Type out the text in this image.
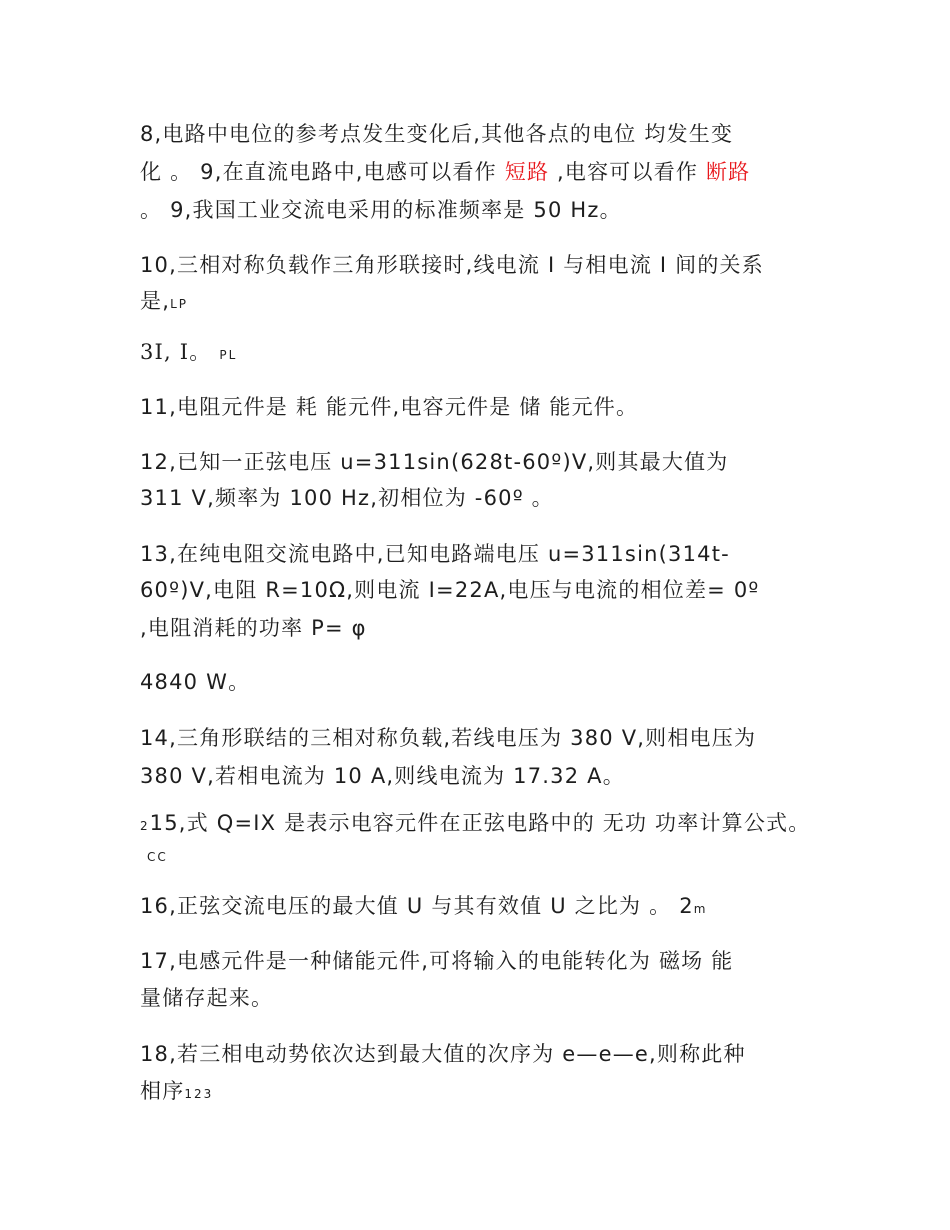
8,电路中电位的参考点发生变化后,其他各点的电位 均发生变
化 。 9,在直流电路中,电感可以看作 短路 ,电容可以看作 断路
。 9,我国工业交流电采用的标准频率是 50 Hz。
10,三相对称负载作三角形联接时,线电流 I 与相电流 I 间的关系
是,LP
3I, I。 PL
11,电阻元件是 耗 能元件,电容元件是 储 能元件。
12,已知一正弦电压 u=311sin(628t-60º)V,则其最大值为
311 V,频率为 100 Hz,初相位为 -60º 。
13,在纯电阻交流电路中,已知电路端电压 u=311sin(314t-
60º)V,电阻 R=10Ω,则电流 I=22A,电压与电流的相位差= 0º
,电阻消耗的功率 P= φ
4840 W。
14,三角形联结的三相对称负载,若线电压为 380 V,则相电压为
380 V,若相电流为 10 A,则线电流为 17.32 A。
215,式 Q=IX 是表示电容元件在正弦电路中的 无功 功率计算公式。
CC
16,正弦交流电压的最大值 U 与其有效值 U 之比为 。 2m
17,电感元件是一种储能元件,可将输入的电能转化为 磁场 能
量储存起来。
18,若三相电动势依次达到最大值的次序为 e—e—e,则称此种
相序123
